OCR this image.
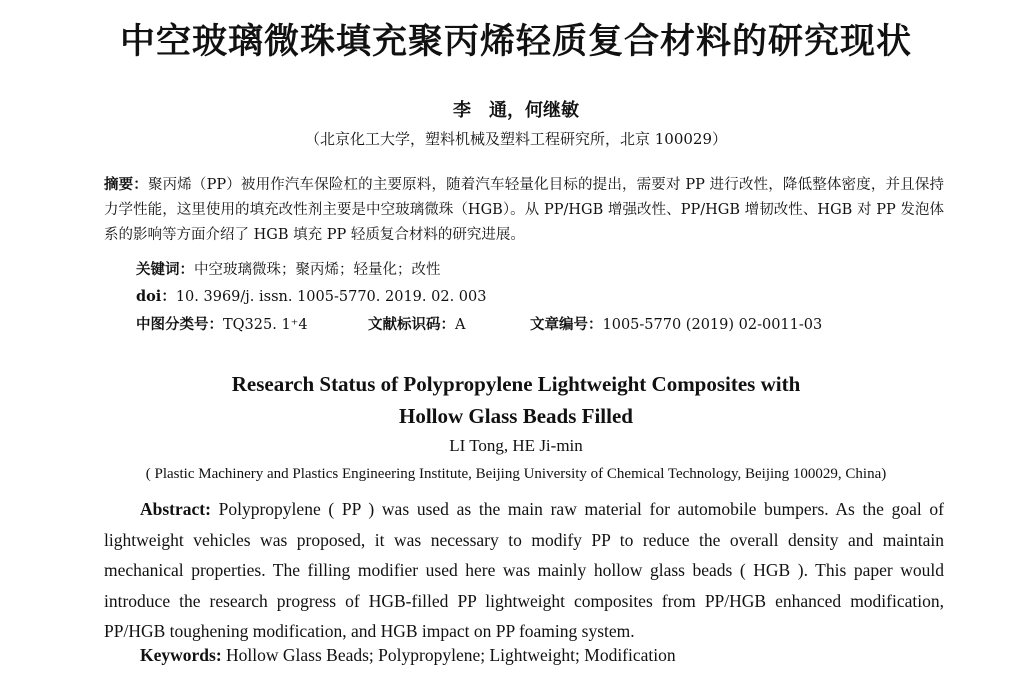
中空玻璃微珠填充聚丙烯轻质复合材料的研究现状
李　通，何继敏
（北京化工大学，塑料机械及塑料工程研究所，北京 100029）
摘要：聚丙烯（PP）被用作汽车保险杠的主要原料，随着汽车轻量化目标的提出，需要对 PP 进行改性，降低整体密度，并且保持力学性能，这里使用的填充改性剂主要是中空玻璃微珠（HGB）。从 PP/HGB 增强改性、PP/HGB 增韧改性、HGB 对 PP 发泡体系的影响等方面介绍了 HGB 填充 PP 轻质复合材料的研究进展。
关键词：中空玻璃微珠；聚丙烯；轻量化；改性
doi：10. 3969/j. issn. 1005-5770. 2019. 02. 003
中图分类号：TQ325. 1⁺4	文献标识码：A	文章编号：1005-5770 (2019) 02-0011-03
Research Status of Polypropylene Lightweight Composites with
Hollow Glass Beads Filled
LI Tong, HE Ji-min
( Plastic Machinery and Plastics Engineering Institute, Beijing University of Chemical Technology, Beijing 100029, China)
Abstract: Polypropylene ( PP ) was used as the main raw material for automobile bumpers. As the goal of lightweight vehicles was proposed, it was necessary to modify PP to reduce the overall density and maintain mechanical properties. The filling modifier used here was mainly hollow glass beads ( HGB ). This paper would introduce the research progress of HGB-filled PP lightweight composites from PP/HGB enhanced modification, PP/HGB toughening modification, and HGB impact on PP foaming system.
Keywords: Hollow Glass Beads; Polypropylene; Lightweight; Modification
